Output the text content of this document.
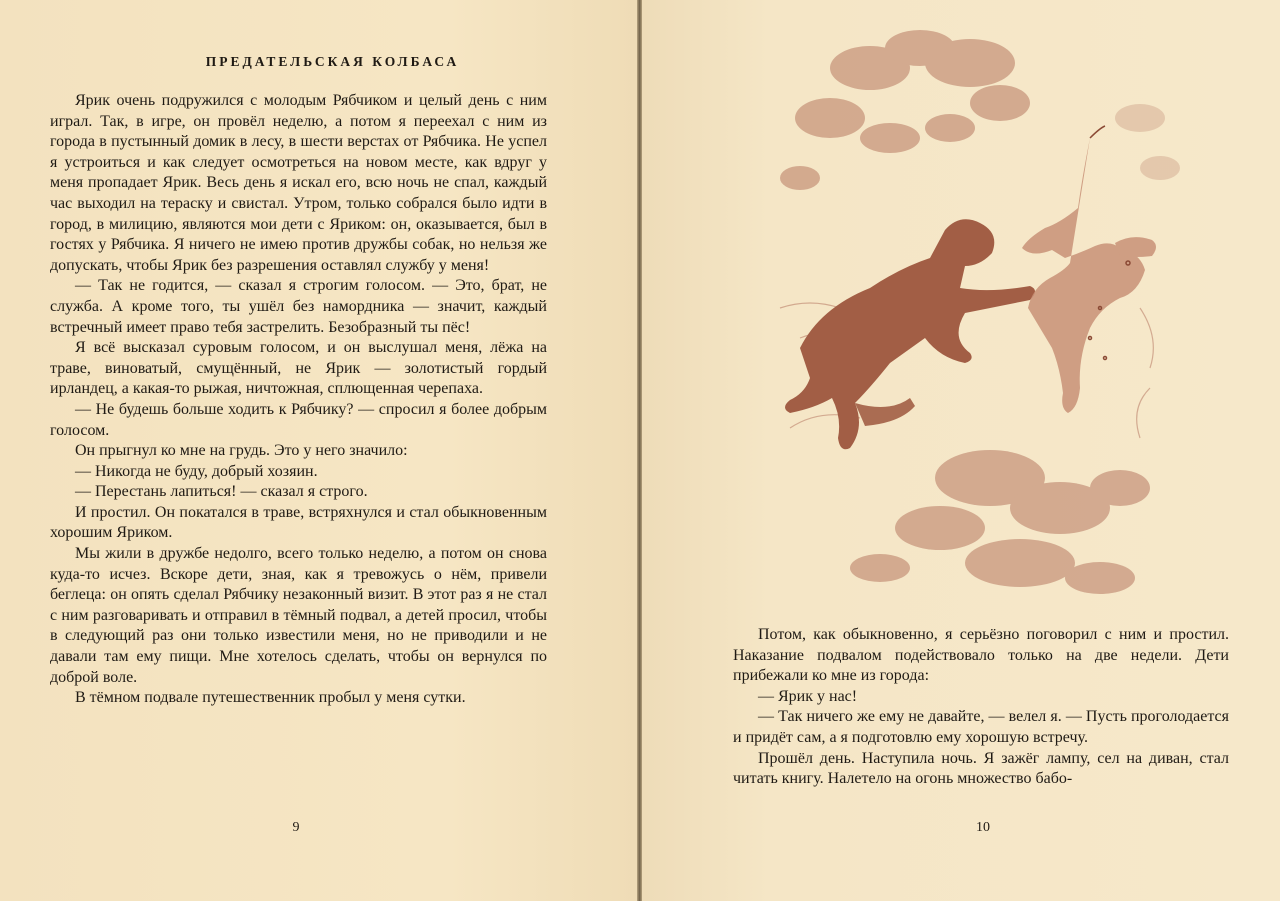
ПРЕДАТЕЛЬСКАЯ КОЛБАСА

Ярик очень подружился с молодым Рябчиком и целый день с ним играл. Так, в игре, он провёл неделю, а потом я переехал с ним из города в пустынный домик в лесу, в шести верстах от Рябчика. Не успел я устроиться и как следует осмотреться на новом месте, как вдруг у меня пропадает Ярик. Весь день я искал его, всю ночь не спал, каждый час выходил на тераску и свистал. Утром, только собрался было идти в город, в милицию, являются мои дети с Яриком: он, оказывается, был в гостях у Рябчика. Я ничего не имею против дружбы собак, но нельзя же допускать, чтобы Ярик без разрешения оставлял службу у меня!

— Так не годится, — сказал я строгим голосом. — Это, брат, не служба. А кроме того, ты ушёл без намордника — значит, каждый встречный имеет право тебя застрелить. Безобразный ты пёс!

Я всё высказал суровым голосом, и он выслушал меня, лёжа на траве, виноватый, смущённый, не Ярик — золотистый гордый ирландец, а какая-то рыжая, ничтожная, сплющенная черепаха.

— Не будешь больше ходить к Рябчику? — спросил я более добрым голосом.

Он прыгнул ко мне на грудь. Это у него значило:

— Никогда не буду, добрый хозяин.

— Перестань лапиться! — сказал я строго.

И простил. Он покатался в траве, встряхнулся и стал обыкновенным хорошим Яриком.

Мы жили в дружбе недолго, всего только неделю, а потом он снова куда-то исчез. Вскоре дети, зная, как я тревожусь о нём, привели беглеца: он опять сделал Рябчику незаконный визит. В этот раз я не стал с ним разговаривать и отправил в тёмный подвал, а детей просил, чтобы в следующий раз они только известили меня, но не приводили и не давали там ему пищи. Мне хотелось сделать, чтобы он вернулся по доброй воле.

В тёмном подвале путешественник пробыл у меня сутки.

9

Потом, как обыкновенно, я серьёзно поговорил с ним и простил. Наказание подвалом подействовало только на две недели. Дети прибежали ко мне из города:

— Ярик у нас!

— Так ничего же ему не давайте, — велел я. — Пусть проголодается и придёт сам, а я подготовлю ему хорошую встречу.

Прошёл день. Наступила ночь. Я зажёг лампу, сел на диван, стал читать книгу. Налетело на огонь множество бабо-

10
